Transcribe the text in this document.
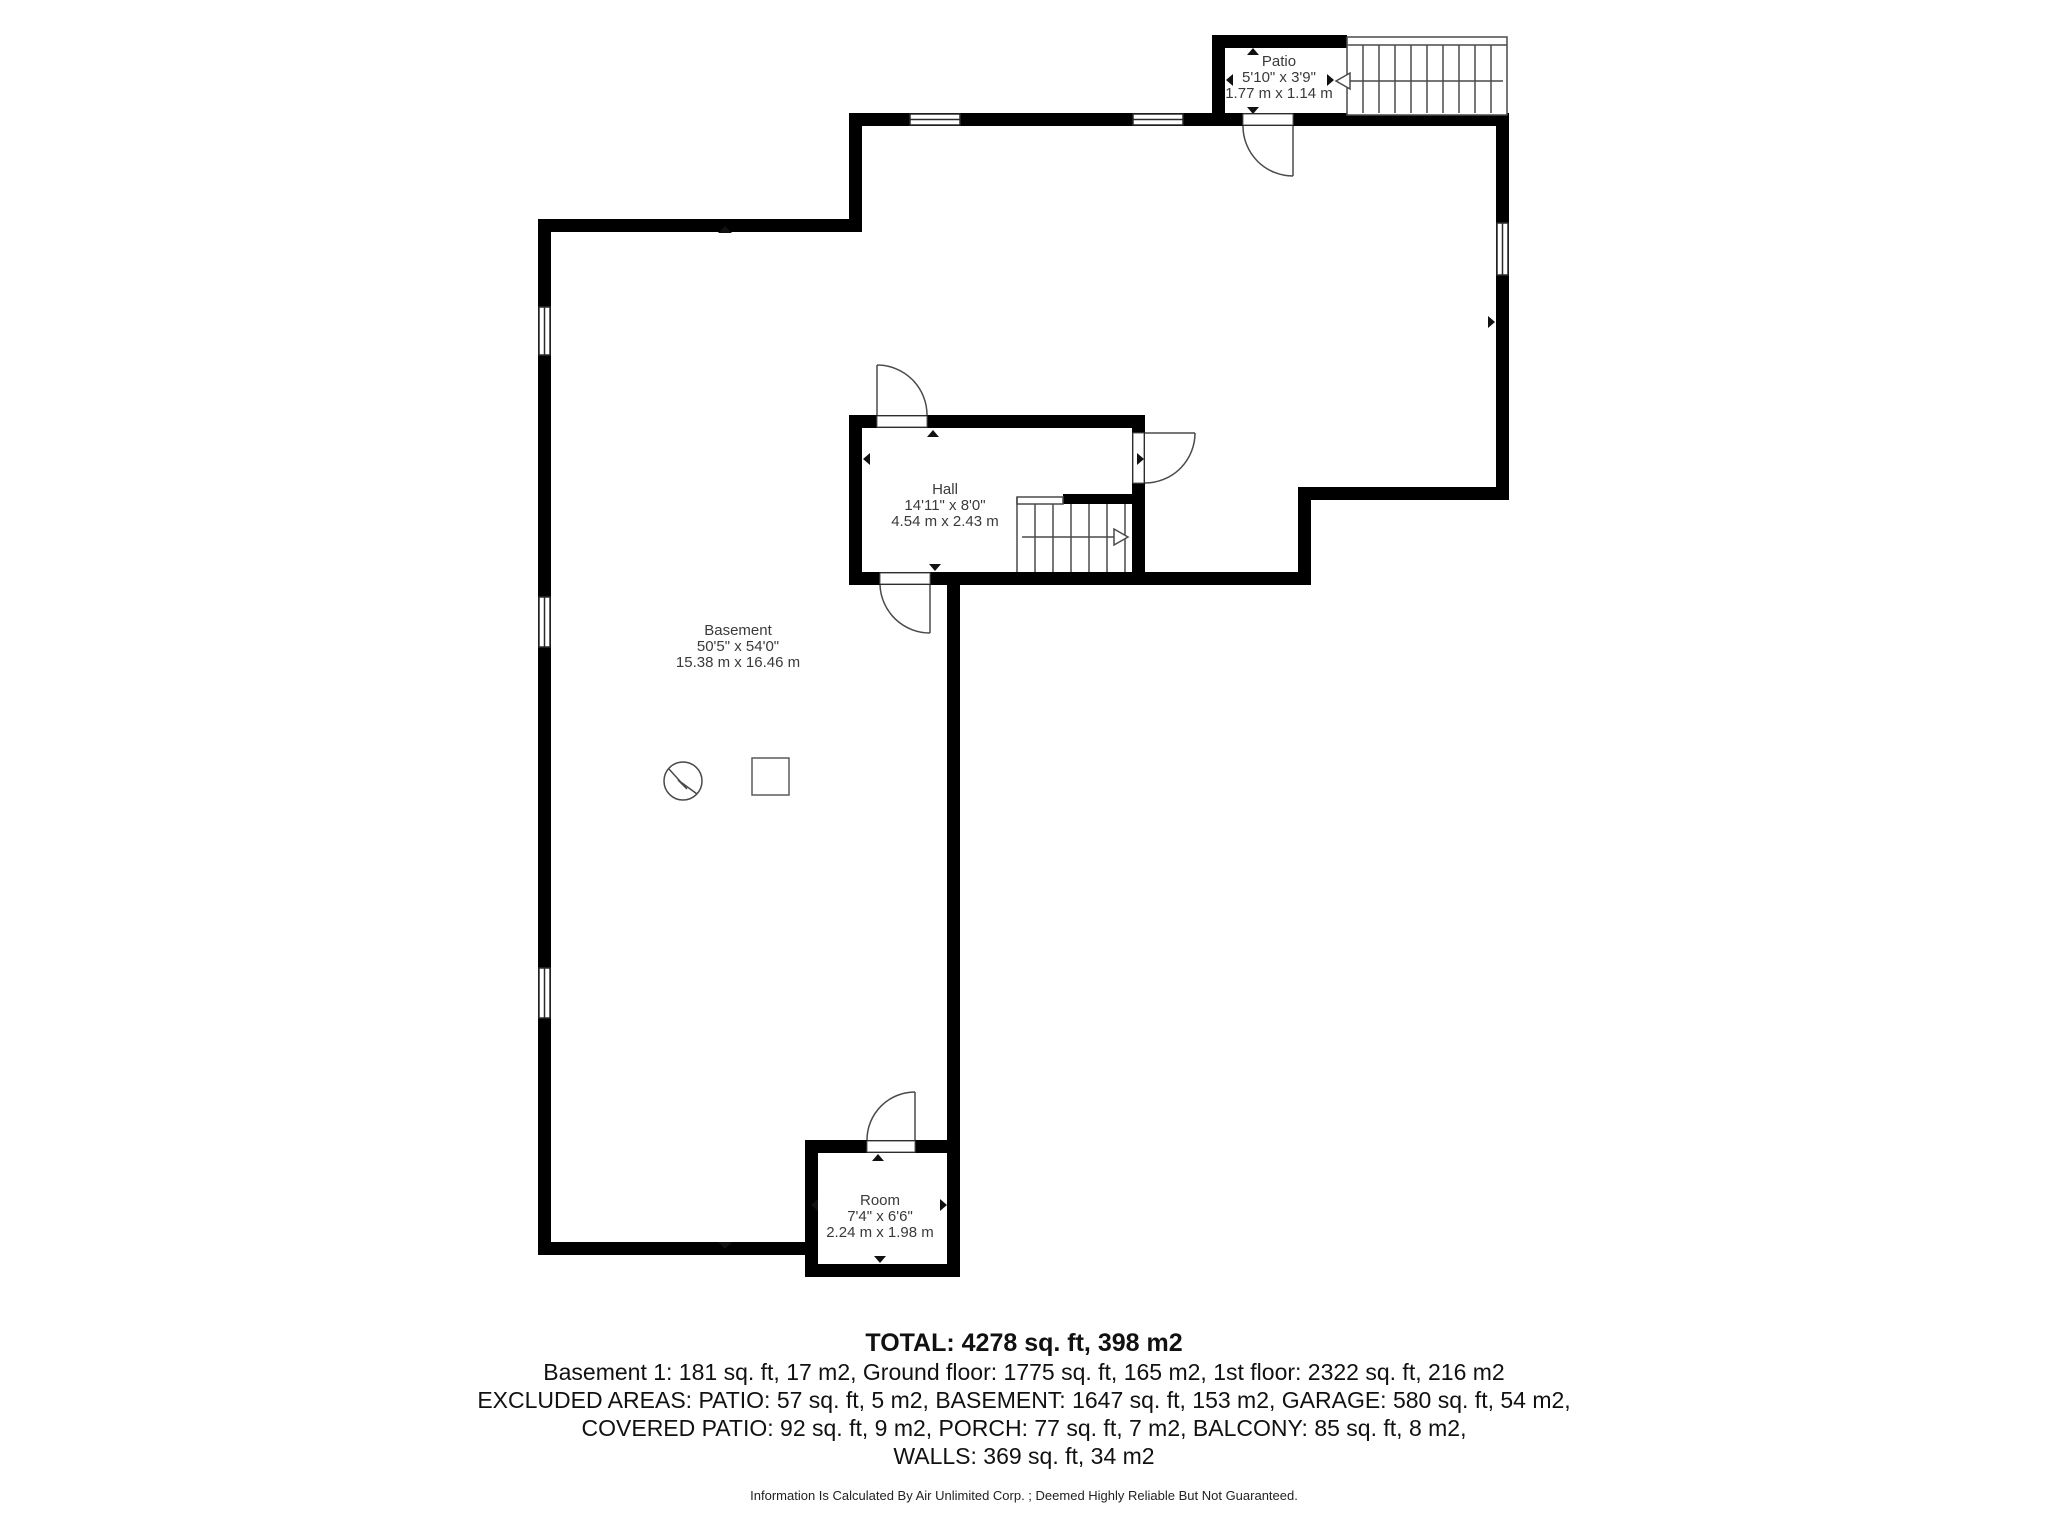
Patio
5'10" x 3'9"
1.77 m x 1.14 m
Hall
14'11" x 8'0"
4.54 m x 2.43 m
Basement
50'5" x 54'0"
15.38 m x 16.46 m
Room
7'4" x 6'6"
2.24 m x 1.98 m
TOTAL: 4278 sq. ft, 398 m2
Basement 1: 181 sq. ft, 17 m2, Ground floor: 1775 sq. ft, 165 m2, 1st floor: 2322 sq. ft, 216 m2
EXCLUDED AREAS: PATIO: 57 sq. ft, 5 m2, BASEMENT: 1647 sq. ft, 153 m2, GARAGE: 580 sq. ft, 54 m2,
COVERED PATIO: 92 sq. ft, 9 m2, PORCH: 77 sq. ft, 7 m2, BALCONY: 85 sq. ft, 8 m2,
WALLS: 369 sq. ft, 34 m2
Information Is Calculated By Air Unlimited Corp. ; Deemed Highly Reliable But Not Guaranteed.
